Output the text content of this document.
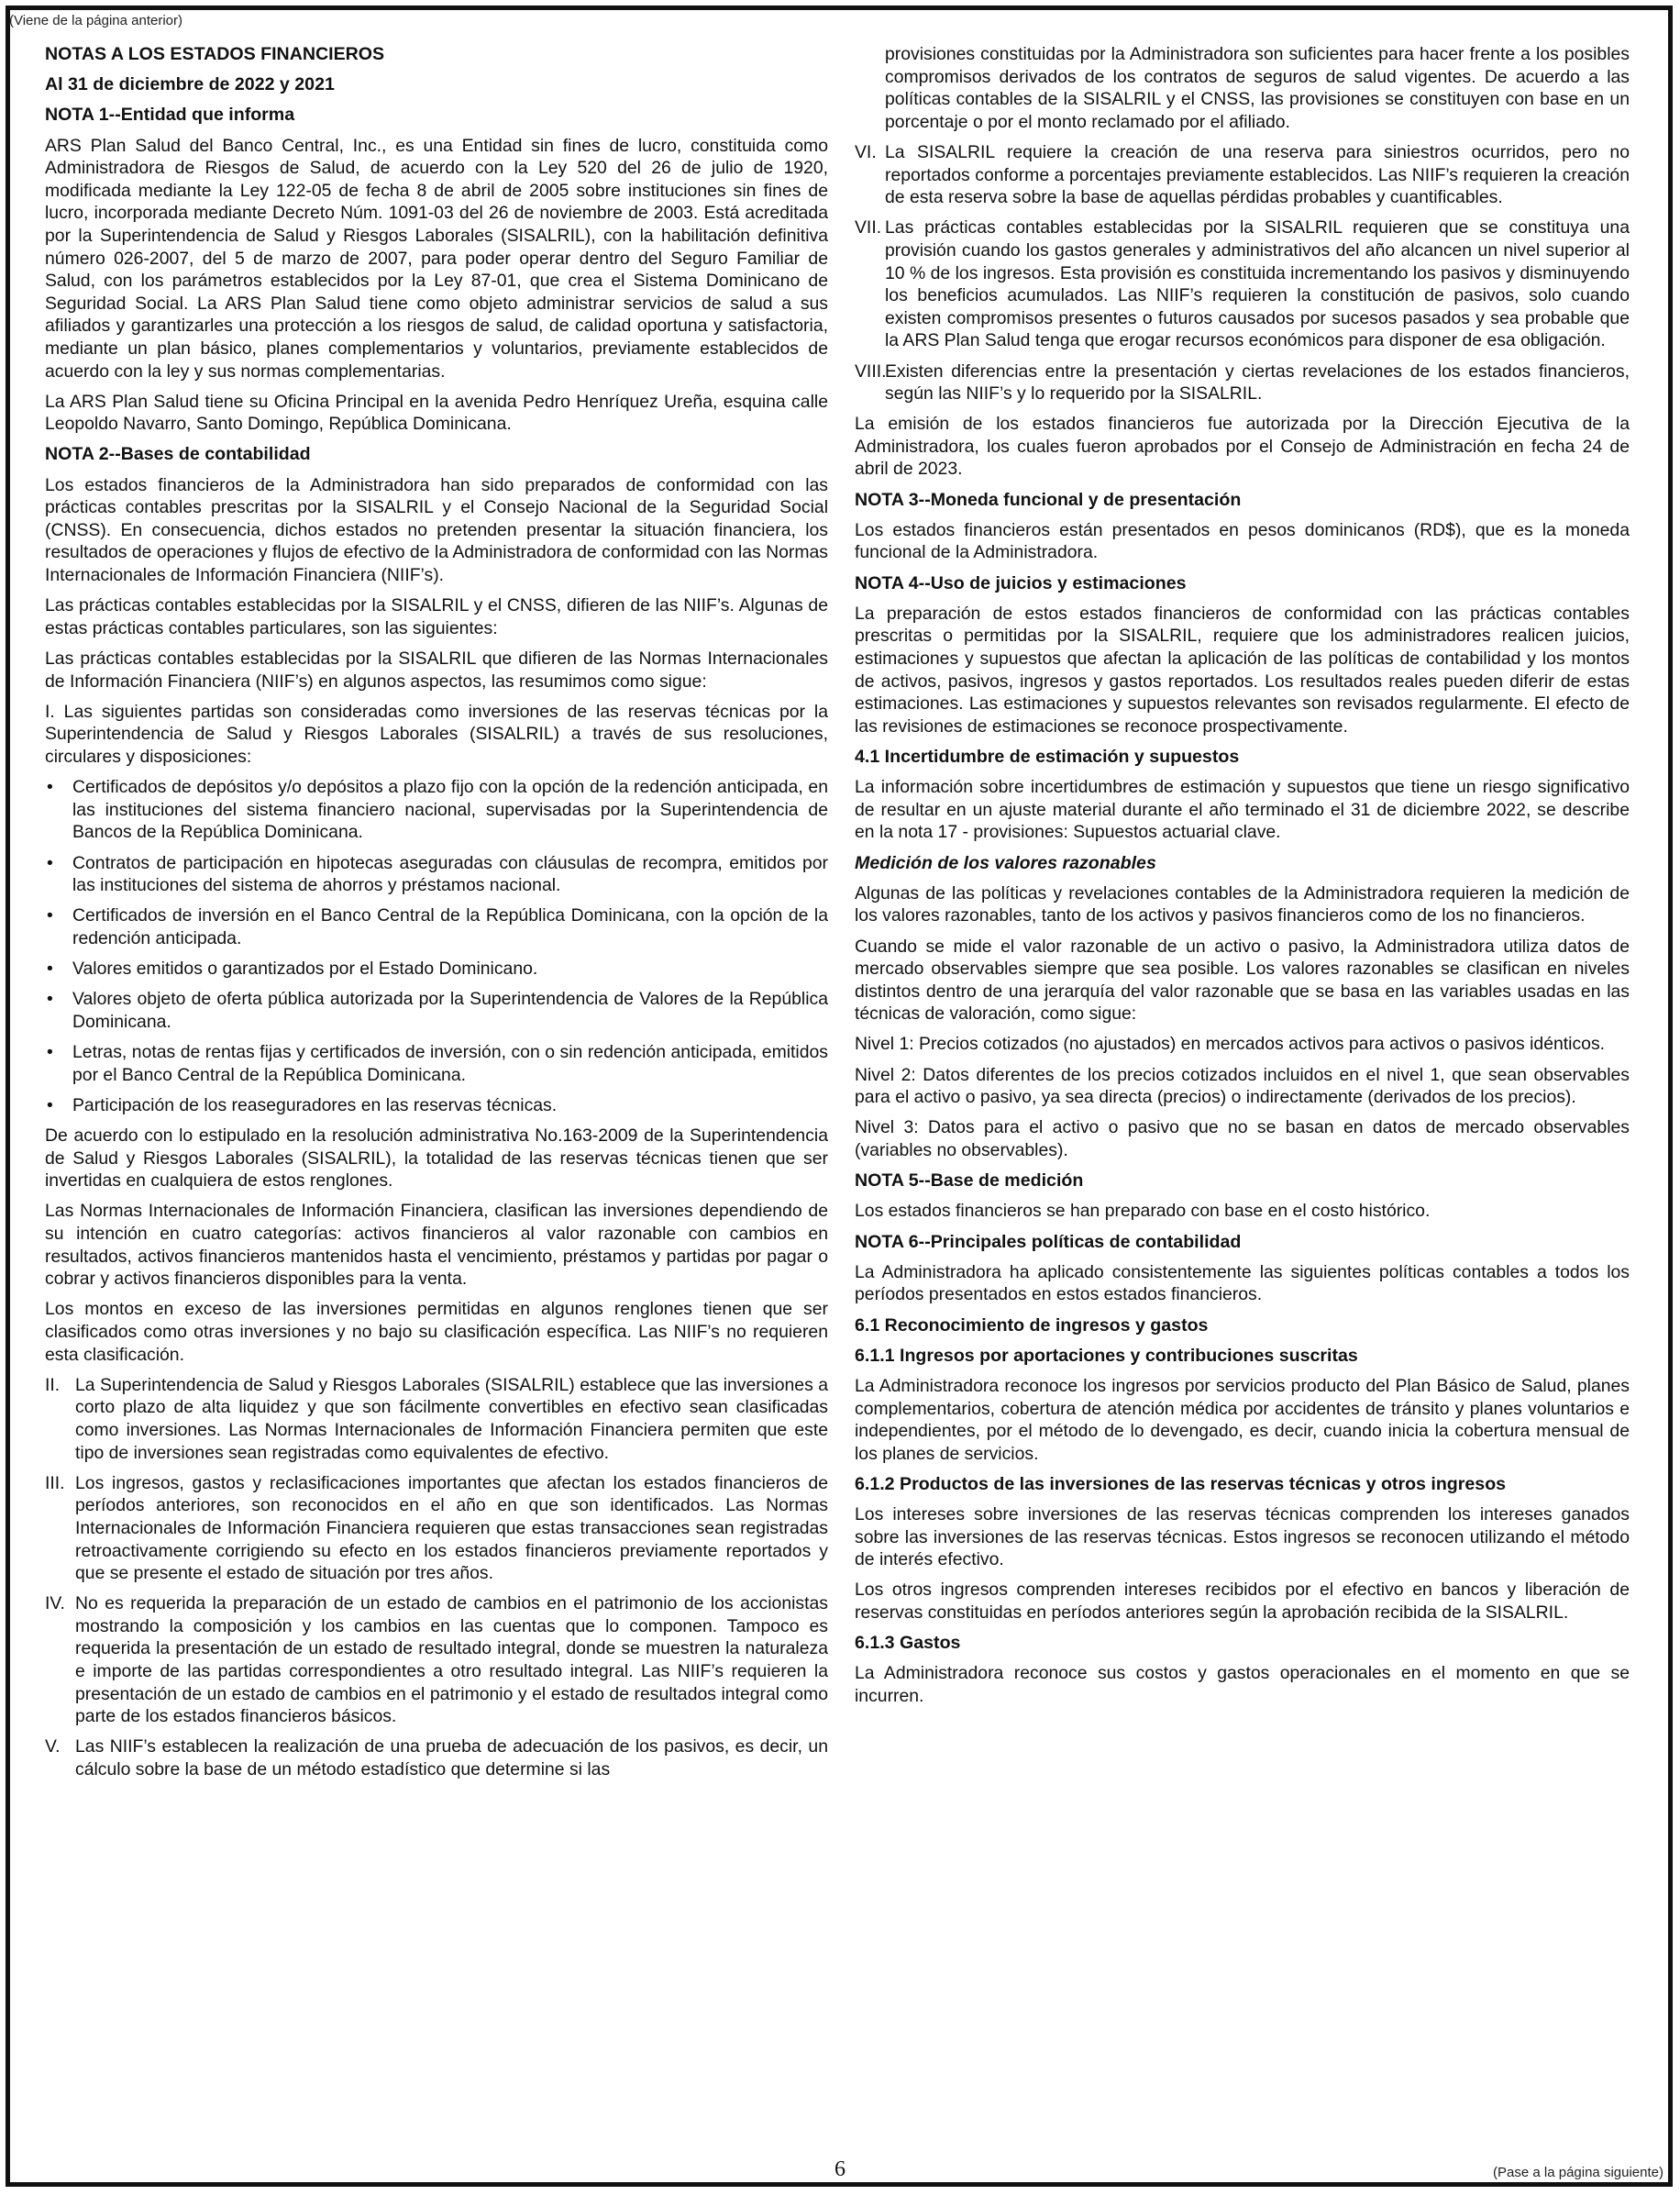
(Viene de la página anterior)
NOTAS A LOS ESTADOS FINANCIEROS
Al 31 de diciembre de 2022 y 2021
NOTA 1--Entidad que informa

ARS Plan Salud del Banco Central, Inc., es una Entidad sin fines de lucro, constituida como Administradora de Riesgos de Salud, de acuerdo con la Ley 520 del 26 de julio de 1920, modificada mediante la Ley 122-05 de fecha 8 de abril de 2005 sobre instituciones sin fines de lucro, incorporada mediante Decreto Núm. 1091-03 del 26 de noviembre de 2003. Está acreditada por la Superintendencia de Salud y Riesgos Laborales (SISALRIL), con la habilitación definitiva número 026-2007, del 5 de marzo de 2007, para poder operar dentro del Seguro Familiar de Salud, con los parámetros establecidos por la Ley 87-01, que crea el Sistema Dominicano de Seguridad Social. La ARS Plan Salud tiene como objeto administrar servicios de salud a sus afiliados y garantizarles una protección a los riesgos de salud, de calidad oportuna y satisfactoria, mediante un plan básico, planes complementarios y voluntarios, previamente establecidos de acuerdo con la ley y sus normas complementarias.

La ARS Plan Salud tiene su Oficina Principal en la avenida Pedro Henríquez Ureña, esquina calle Leopoldo Navarro, Santo Domingo, República Dominicana.

NOTA 2--Bases de contabilidad

Los estados financieros de la Administradora han sido preparados de conformidad con las prácticas contables prescritas por la SISALRIL y el Consejo Nacional de la Seguridad Social (CNSS). En consecuencia, dichos estados no pretenden presentar la situación financiera, los resultados de operaciones y flujos de efectivo de la Administradora de conformidad con las Normas Internacionales de Información Financiera (NIIF’s).

Las prácticas contables establecidas por la SISALRIL y el CNSS, difieren de las NIIF’s. Algunas de estas prácticas contables particulares, son las siguientes:

Las prácticas contables establecidas por la SISALRIL que difieren de las Normas Internacionales de Información Financiera (NIIF’s) en algunos aspectos, las resumimos como sigue:

I. Las siguientes partidas son consideradas como inversiones de las reservas técnicas por la Superintendencia de Salud y Riesgos Laborales (SISALRIL) a través de sus resoluciones, circulares y disposiciones:

• Certificados de depósitos y/o depósitos a plazo fijo con la opción de la redención anticipada, en las instituciones del sistema financiero nacional, supervisadas por la Superintendencia de Bancos de la República Dominicana.
• Contratos de participación en hipotecas aseguradas con cláusulas de recompra, emitidos por las instituciones del sistema de ahorros y préstamos nacional.
• Certificados de inversión en el Banco Central de la República Dominicana, con la opción de la redención anticipada.
• Valores emitidos o garantizados por el Estado Dominicano.
• Valores objeto de oferta pública autorizada por la Superintendencia de Valores de la República Dominicana.
• Letras, notas de rentas fijas y certificados de inversión, con o sin redención anticipada, emitidos por el Banco Central de la República Dominicana.
• Participación de los reaseguradores en las reservas técnicas.

De acuerdo con lo estipulado en la resolución administrativa No.163-2009 de la Superintendencia de Salud y Riesgos Laborales (SISALRIL), la totalidad de las reservas técnicas tienen que ser invertidas en cualquiera de estos renglones.

Las Normas Internacionales de Información Financiera, clasifican las inversiones dependiendo de su intención en cuatro categorías: activos financieros al valor razonable con cambios en resultados, activos financieros mantenidos hasta el vencimiento, préstamos y partidas por pagar o cobrar y activos financieros disponibles para la venta.

Los montos en exceso de las inversiones permitidas en algunos renglones tienen que ser clasificados como otras inversiones y no bajo su clasificación específica. Las NIIF’s no requieren esta clasificación.

II. La Superintendencia de Salud y Riesgos Laborales (SISALRIL) establece que las inversiones a corto plazo de alta liquidez y que son fácilmente convertibles en efectivo sean clasificadas como inversiones. Las Normas Internacionales de Información Financiera permiten que este tipo de inversiones sean registradas como equivalentes de efectivo.
III. Los ingresos, gastos y reclasificaciones importantes que afectan los estados financieros de períodos anteriores, son reconocidos en el año en que son identificados. Las Normas Internacionales de Información Financiera requieren que estas transacciones sean registradas retroactivamente corrigiendo su efecto en los estados financieros previamente reportados y que se presente el estado de situación por tres años.
IV. No es requerida la preparación de un estado de cambios en el patrimonio de los accionistas mostrando la composición y los cambios en las cuentas que lo componen. Tampoco es requerida la presentación de un estado de resultado integral, donde se muestren la naturaleza e importe de las partidas correspondientes a otro resultado integral. Las NIIF’s requieren la presentación de un estado de cambios en el patrimonio y el estado de resultados integral como parte de los estados financieros básicos.
V. Las NIIF’s establecen la realización de una prueba de adecuación de los pasivos, es decir, un cálculo sobre la base de un método estadístico que determine si las

provisiones constituidas por la Administradora son suficientes para hacer frente a los posibles compromisos derivados de los contratos de seguros de salud vigentes. De acuerdo a las políticas contables de la SISALRIL y el CNSS, las provisiones se constituyen con base en un porcentaje o por el monto reclamado por el afiliado.

VI. La SISALRIL requiere la creación de una reserva para siniestros ocurridos, pero no reportados conforme a porcentajes previamente establecidos. Las NIIF’s requieren la creación de esta reserva sobre la base de aquellas pérdidas probables y cuantificables.
VII. Las prácticas contables establecidas por la SISALRIL requieren que se constituya una provisión cuando los gastos generales y administrativos del año alcancen un nivel superior al 10 % de los ingresos. Esta provisión es constituida incrementando los pasivos y disminuyendo los beneficios acumulados. Las NIIF’s requieren la constitución de pasivos, solo cuando existen compromisos presentes o futuros causados por sucesos pasados y sea probable que la ARS Plan Salud tenga que erogar recursos económicos para disponer de esa obligación.
VIII.
Existen diferencias entre la presentación y ciertas revelaciones de los estados financieros, según las NIIF’s y lo requerido por la SISALRIL.

La emisión de los estados financieros fue autorizada por la Dirección Ejecutiva de la Administradora, los cuales fueron aprobados por el Consejo de Administración en fecha 24 de abril de 2023.

NOTA 3--Moneda funcional y de presentación

Los estados financieros están presentados en pesos dominicanos (RD$), que es la moneda funcional de la Administradora.

NOTA 4--Uso de juicios y estimaciones

La preparación de estos estados financieros de conformidad con las prácticas contables prescritas o permitidas por la SISALRIL, requiere que los administradores realicen juicios, estimaciones y supuestos que afectan la aplicación de las políticas de contabilidad y los montos de activos, pasivos, ingresos y gastos reportados. Los resultados reales pueden diferir de estas estimaciones. Las estimaciones y supuestos relevantes son revisados regularmente. El efecto de las revisiones de estimaciones se reconoce prospectivamente.

4.1 Incertidumbre de estimación y supuestos

La información sobre incertidumbres de estimación y supuestos que tiene un riesgo significativo de resultar en un ajuste material durante el año terminado el 31 de diciembre 2022, se describe en la nota 17 - provisiones: Supuestos actuarial clave.

Medición de los valores razonables

Algunas de las políticas y revelaciones contables de la Administradora requieren la medición de los valores razonables, tanto de los activos y pasivos financieros como de los no financieros.

Cuando se mide el valor razonable de un activo o pasivo, la Administradora utiliza datos de mercado observables siempre que sea posible. Los valores razonables se clasifican en niveles distintos dentro de una jerarquía del valor razonable que se basa en las variables usadas en las técnicas de valoración, como sigue:

Nivel 1: Precios cotizados (no ajustados) en mercados activos para activos o pasivos idénticos.

Nivel 2: Datos diferentes de los precios cotizados incluidos en el nivel 1, que sean observables para el activo o pasivo, ya sea directa (precios) o indirectamente (derivados de los precios).

Nivel 3: Datos para el activo o pasivo que no se basan en datos de mercado observables (variables no observables).

NOTA 5--Base de medición

Los estados financieros se han preparado con base en el costo histórico.

NOTA 6--Principales políticas de contabilidad

La Administradora ha aplicado consistentemente las siguientes políticas contables a todos los períodos presentados en estos estados financieros.

6.1 Reconocimiento de ingresos y gastos
6.1.1 Ingresos por aportaciones y contribuciones suscritas

La Administradora reconoce los ingresos por servicios producto del Plan Básico de Salud, planes complementarios, cobertura de atención médica por accidentes de tránsito y planes voluntarios e independientes, por el método de lo devengado, es decir, cuando inicia la cobertura mensual de los planes de servicios.

6.1.2 Productos de las inversiones de las reservas técnicas y otros ingresos

Los intereses sobre inversiones de las reservas técnicas comprenden los intereses ganados sobre las inversiones de las reservas técnicas. Estos ingresos se reconocen utilizando el método de interés efectivo.

Los otros ingresos comprenden intereses recibidos por el efectivo en bancos y liberación de reservas constituidas en períodos anteriores según la aprobación recibida de la SISALRIL.

6.1.3 Gastos

La Administradora reconoce sus costos y gastos operacionales en el momento en que se incurren.

6	(Pase a la página siguiente)
